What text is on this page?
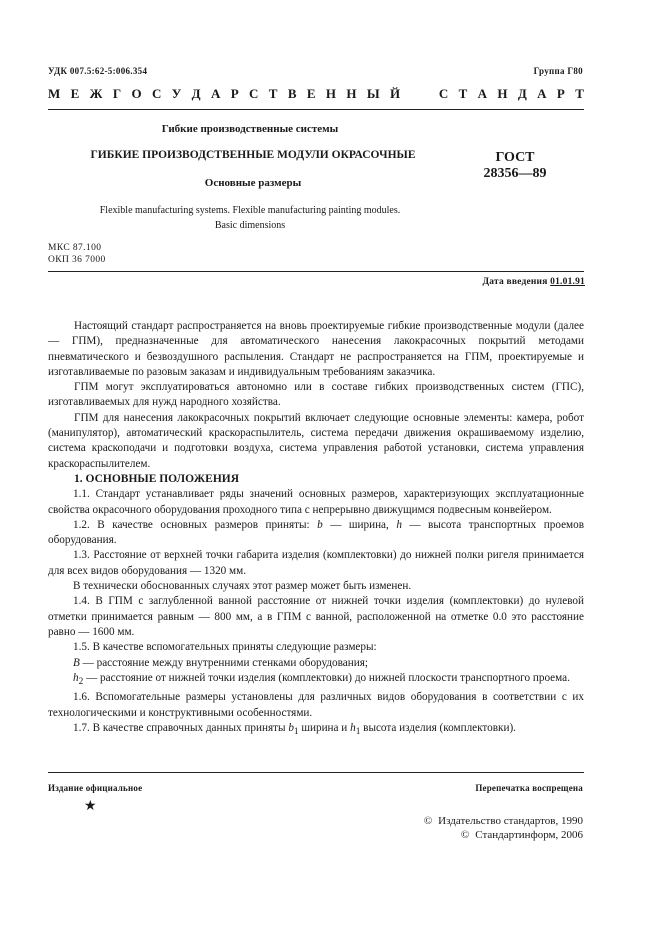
УДК 007.5:62-5:006.354	Группа Г80
М Е Ж Г О С У Д А Р С Т В Е Н Н Ы Й	С Т А Н Д А Р Т
Гибкие производственные системы
ГИБКИЕ ПРОИЗВОДСТВЕННЫЕ МОДУЛИ ОКРАСОЧНЫЕ
Основные размеры
ГОСТ
28356—89
Flexible manufacturing systems. Flexible manufacturing painting modules.
Basic dimensions
МКС 87.100
ОКП 36 7000
Дата введения 01.01.91

Настоящий стандарт распространяется на вновь проектируемые гибкие производственные модули (далее — ГПМ), предназначенные для автоматического нанесения лакокрасочных покрытий методами пневматического и безвоздушного распыления. Стандарт не распространяется на ГПМ, проектируемые и изготавливаемые по разовым заказам и индивидуальным требованиям заказчика.

ГПМ могут эксплуатироваться автономно или в составе гибких производственных систем (ГПС), изготавливаемых для нужд народного хозяйства.

ГПМ для нанесения лакокрасочных покрытий включает следующие основные элементы: камера, робот (манипулятор), автоматический краскораспылитель, система передачи движения окрашиваемому изделию, система краскоподачи и подготовки воздуха, система управления работой установки, система управления краскораспылителем.

1. ОСНОВНЫЕ ПОЛОЖЕНИЯ

1.1. Стандарт устанавливает ряды значений основных размеров, характеризующих эксплуатационные свойства окрасочного оборудования проходного типа с непрерывно движущимся подвесным конвейером.

1.2. В качестве основных размеров приняты: b — ширина, h — высота транспортных проемов оборудования.

1.3. Расстояние от верхней точки габарита изделия (комплектовки) до нижней полки ригеля принимается для всех видов оборудования — 1320 мм.

В технически обоснованных случаях этот размер может быть изменен.

1.4. В ГПМ с заглубленной ванной расстояние от нижней точки изделия (комплектовки) до нулевой отметки принимается равным — 800 мм, а в ГПМ с ванной, расположенной на отметке 0.0 это расстояние равно — 1600 мм.

1.5. В качестве вспомогательных приняты следующие размеры:

B — расстояние между внутренними стенками оборудования;

$h_2$ — расстояние от нижней точки изделия (комплектовки) до нижней плоскости транспортного проема.

1.6. Вспомогательные размеры установлены для различных видов оборудования в соответствии с их технологическими и конструктивными особенностями.

1.7. В качестве справочных данных приняты $b_1$ ширина и $h_1$ высота изделия (комплектовки).

Издание официальное	Перепечатка воспрещена
★
© Издательство стандартов, 1990
© Стандартинформ, 2006
